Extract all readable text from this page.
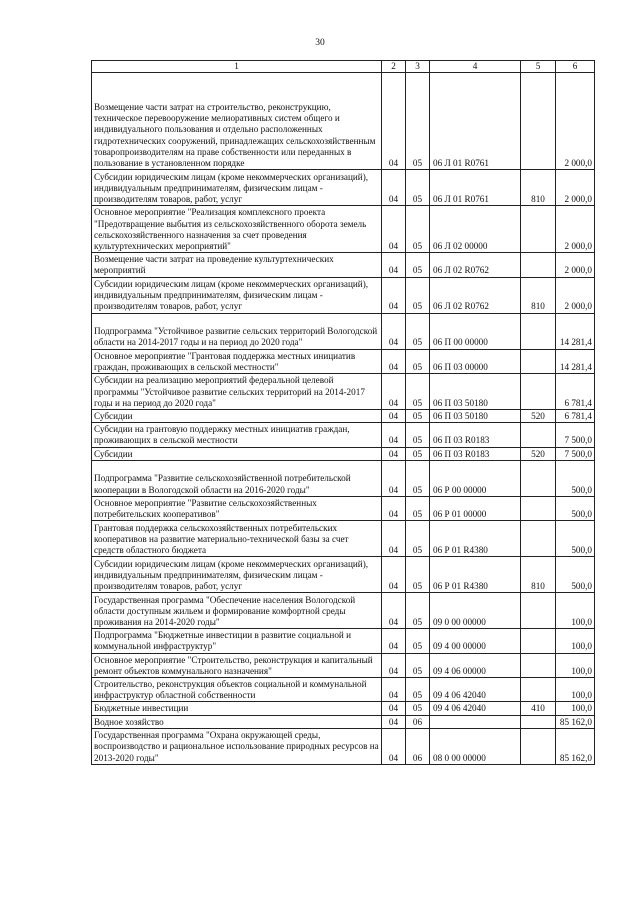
30
1	2	3	4	5	6
Возмещение части затрат на строительство, реконструкцию, техническое перевооружение мелиоративных систем общего и индивидуального пользования и отдельно расположенных гидротехнических сооружений, принадлежащих сельскохозяйственным товаропроизводителям на праве собственности или переданных в пользование в установленном порядке	04	05	06 Л 01 R0761		2 000,0
Субсидии юридическим лицам (кроме некоммерческих организаций), индивидуальным предпринимателям, физическим лицам - производителям товаров, работ, услуг	04	05	06 Л 01 R0761	810	2 000,0
Основное мероприятие "Реализация комплексного проекта "Предотвращение выбытия из сельскохозяйственного оборота земель сельскохозяйственного назначения за счет проведения культуртехнических мероприятий"	04	05	06 Л 02 00000		2 000,0
Возмещение части затрат на проведение культуртехнических мероприятий	04	05	06 Л 02 R0762		2 000,0
Субсидии юридическим лицам (кроме некоммерческих организаций), индивидуальным предпринимателям, физическим лицам - производителям товаров, работ, услуг	04	05	06 Л 02 R0762	810	2 000,0
Подпрограмма "Устойчивое развитие сельских территорий Вологодской области на 2014-2017 годы и на период до 2020 года"	04	05	06 П 00 00000		14 281,4
Основное мероприятие "Грантовая поддержка местных инициатив граждан, проживающих в сельской местности"	04	05	06 П 03 00000		14 281,4
Субсидии на реализацию мероприятий федеральной целевой программы "Устойчивое развитие сельских территорий на 2014-2017 годы и на период до 2020 года"	04	05	06 П 03 50180		6 781,4
Субсидии	04	05	06 П 03 50180	520	6 781,4
Субсидии на грантовую поддержку местных инициатив граждан, проживающих в сельской местности	04	05	06 П 03 R0183		7 500,0
Субсидии	04	05	06 П 03 R0183	520	7 500,0
Подпрограмма "Развитие сельскохозяйственной потребительской кооперации в Вологодской области на 2016-2020 годы"	04	05	06 Р 00 00000		500,0
Основное мероприятие "Развитие сельскохозяйственных потребительских кооперативов"	04	05	06 Р 01 00000		500,0
Грантовая поддержка сельскохозяйственных потребительских кооперативов на развитие материально-технической базы за счет средств областного бюджета	04	05	06 Р 01 R4380		500,0
Субсидии юридическим лицам (кроме некоммерческих организаций), индивидуальным предпринимателям, физическим лицам - производителям товаров, работ, услуг	04	05	06 Р 01 R4380	810	500,0
Государственная программа "Обеспечение населения Вологодской области доступным жильем и формирование комфортной среды проживания на 2014-2020 годы"	04	05	09 0 00 00000		100,0
Подпрограмма "Бюджетные инвестиции в развитие социальной и коммунальной инфраструктур"	04	05	09 4 00 00000		100,0
Основное мероприятие "Строительство, реконструкция и капитальный ремонт объектов коммунального назначения"	04	05	09 4 06 00000		100,0
Строительство, реконструкция объектов социальной и коммунальной инфраструктур областной собственности	04	05	09 4 06 42040		100,0
Бюджетные инвестиции	04	05	09 4 06 42040	410	100,0
Водное хозяйство	04	06			85 162,0
Государственная программа "Охрана окружающей среды, воспроизводство и рациональное использование природных ресурсов на 2013-2020 годы"	04	06	08 0 00 00000		85 162,0
